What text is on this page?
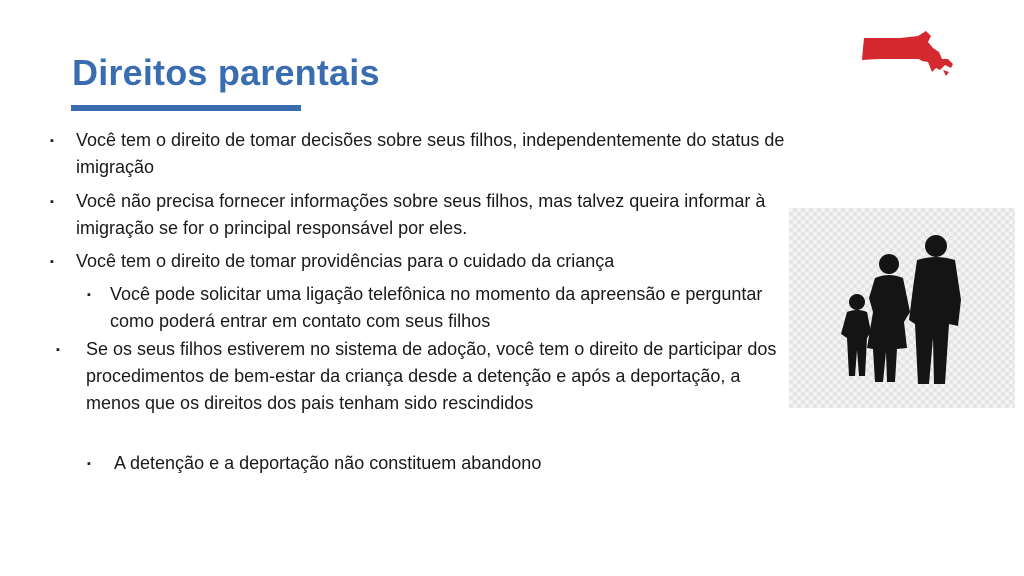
Direitos parentais
▪ Você tem o direito de tomar decisões sobre seus filhos, independentemente do status de imigração
▪ Você não precisa fornecer informações sobre seus filhos, mas talvez queira informar à imigração se for o principal responsável por eles.
▪ Você tem o direito de tomar providências para o cuidado da criança
▪ Você pode solicitar uma ligação telefônica no momento da apreensão e perguntar como poderá entrar em contato com seus filhos
▪ Se os seus filhos estiverem no sistema de adoção, você tem o direito de participar dos procedimentos de bem-estar da criança desde a detenção e após a deportação, a menos que os direitos dos pais tenham sido rescindidos
▪ A detenção e a deportação não constituem abandono
